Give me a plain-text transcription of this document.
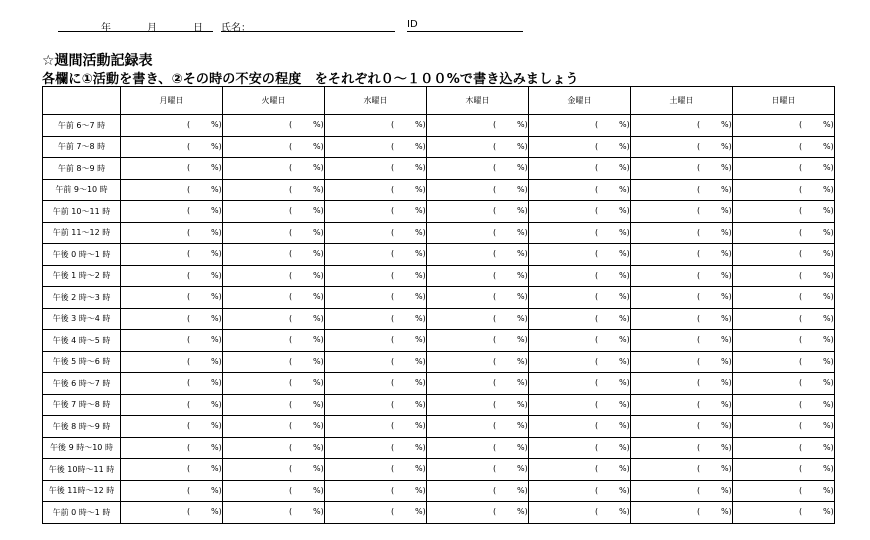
年	月	日 氏名：	ID
☆週間活動記録表
各欄に①活動を書き、②その時の不安の程度　をそれぞれ０～１００%で書き込みましょう
	月曜日	火曜日	水曜日	木曜日	金曜日	土曜日	日曜日
午前 6～7 時	( %)	( %)	( %)	( %)	( %)	( %)	( %)

午前 7～8 時	( %)	( %)	( %)	( %)	( %)	( %)	( %)

午前 8～9 時	( %)	( %)	( %)	( %)	( %)	( %)	( %)

午前 9～10 時	( %)	( %)	( %)	( %)	( %)	( %)	( %)

午前 10～11 時	( %)	( %)	( %)	( %)	( %)	( %)	( %)

午前 11～12 時	( %)	( %)	( %)	( %)	( %)	( %)	( %)

午後 0 時～1 時	( %)	( %)	( %)	( %)	( %)	( %)	( %)

午後 1 時～2 時	( %)	( %)	( %)	( %)	( %)	( %)	( %)

午後 2 時～3 時	( %)	( %)	( %)	( %)	( %)	( %)	( %)

午後 3 時～4 時	( %)	( %)	( %)	( %)	( %)	( %)	( %)

午後 4 時～5 時	( %)	( %)	( %)	( %)	( %)	( %)	( %)

午後 5 時～6 時	( %)	( %)	( %)	( %)	( %)	( %)	( %)

午後 6 時～7 時	( %)	( %)	( %)	( %)	( %)	( %)	( %)

午後 7 時～8 時	( %)	( %)	( %)	( %)	( %)	( %)	( %)

午後 8 時～9 時	( %)	( %)	( %)	( %)	( %)	( %)	( %)

午後 9 時～10 時	( %)	( %)	( %)	( %)	( %)	( %)	( %)

午後 10時～11 時	( %)	( %)	( %)	( %)	( %)	( %)	( %)

午後 11時～12 時	( %)	( %)	( %)	( %)	( %)	( %)	( %)

午前 0 時～1 時	( %)	( %)	( %)	( %)	( %)	( %)	( %)
